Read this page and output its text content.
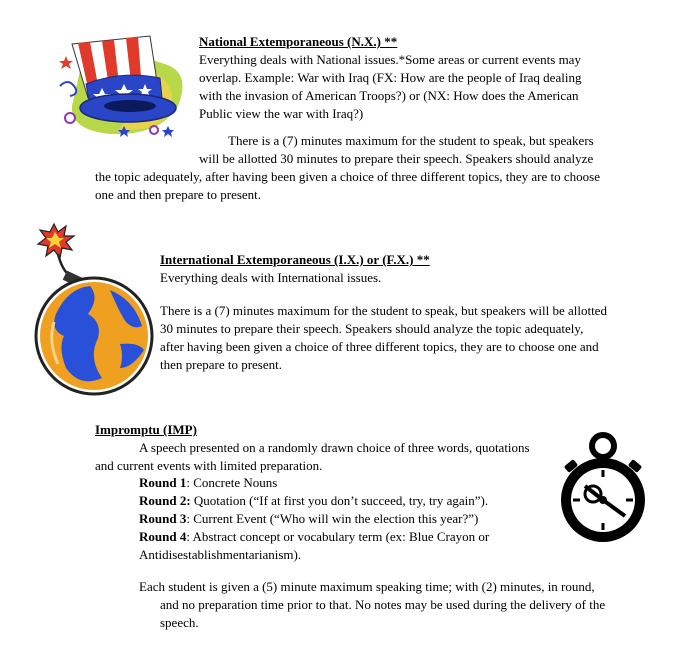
National Extemporaneous (N.X.) **
Everything deals with National issues.*Some areas or current events may
overlap. Example: War with Iraq (FX: How are the people of Iraq dealing
with the invasion of American Troops?) or (NX: How does the American
Public view the war with Iraq?)
There is a (7) minutes maximum for the student to speak, but speakers
will be allotted 30 minutes to prepare their speech. Speakers should analyze
the topic adequately, after having been given a choice of three different topics, they are to choose
one and then prepare to present.
International Extemporaneous (I.X.) or (F.X.) **
Everything deals with International issues.
There is a (7) minutes maximum for the student to speak, but speakers will be allotted
30 minutes to prepare their speech. Speakers should analyze the topic adequately,
after having been given a choice of three different topics, they are to choose one and
then prepare to present.
Impromptu (IMP)
A speech presented on a randomly drawn choice of three words, quotations
and current events with limited preparation.
Round 1: Concrete Nouns
Round 2: Quotation (“If at first you don’t succeed, try, try again”).
Round 3: Current Event (“Who will win the election this year?”)
Round 4: Abstract concept or vocabulary term (ex: Blue Crayon or
Antidisestablishmentarianism).
Each student is given a (5) minute maximum speaking time; with (2) minutes, in round,
and no preparation time prior to that. No notes may be used during the delivery of the
speech.
